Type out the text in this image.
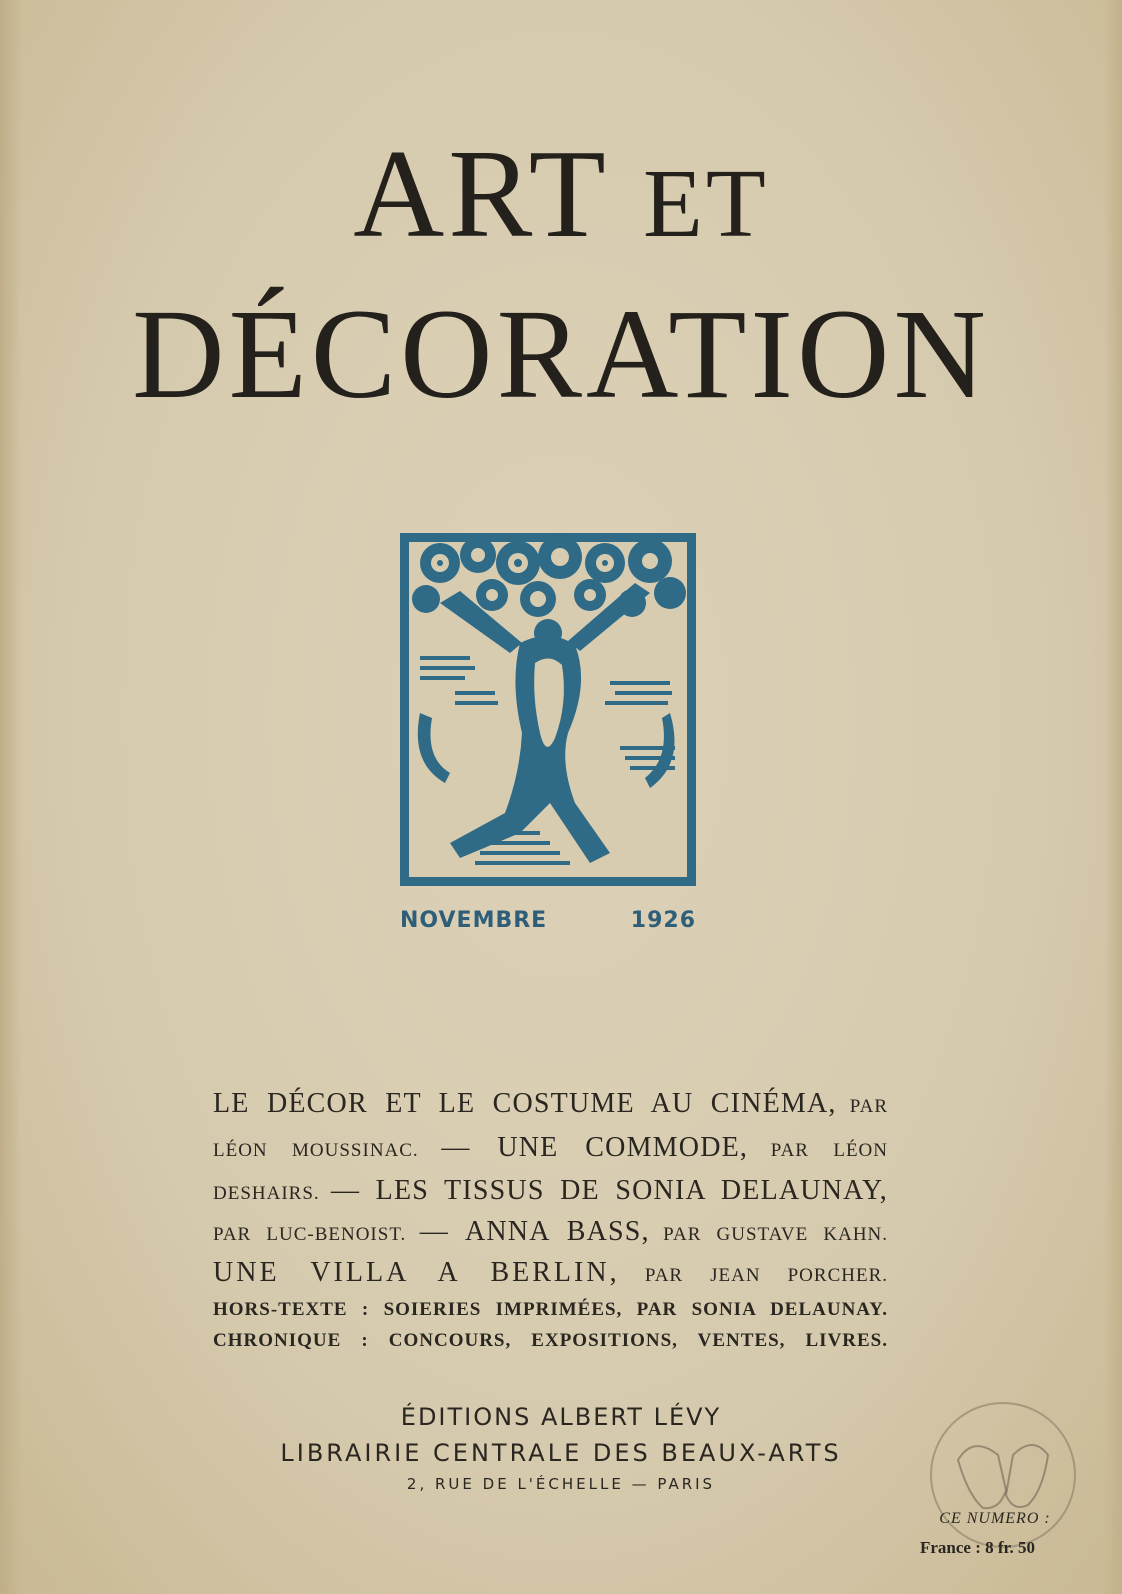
ART ET
DÉCORATION
NOVEMBRE	1926
LE DÉCOR ET LE COSTUME AU CINÉMA, PAR
LÉON MOUSSINAC. — UNE COMMODE, PAR LÉON
DESHAIRS. — LES TISSUS DE SONIA DELAUNAY,
PAR LUC-BENOIST. — ANNA BASS, PAR GUSTAVE KAHN.
UNE VILLA A BERLIN, PAR JEAN PORCHER.
HORS-TEXTE : SOIERIES IMPRIMÉES, PAR SONIA DELAUNAY.
CHRONIQUE : CONCOURS, EXPOSITIONS, VENTES, LIVRES.
ÉDITIONS ALBERT LÉVY
LIBRAIRIE CENTRALE DES BEAUX-ARTS
2, RUE DE L'ÉCHELLE — PARIS
CE NUMERO :
France : 8 fr. 50
